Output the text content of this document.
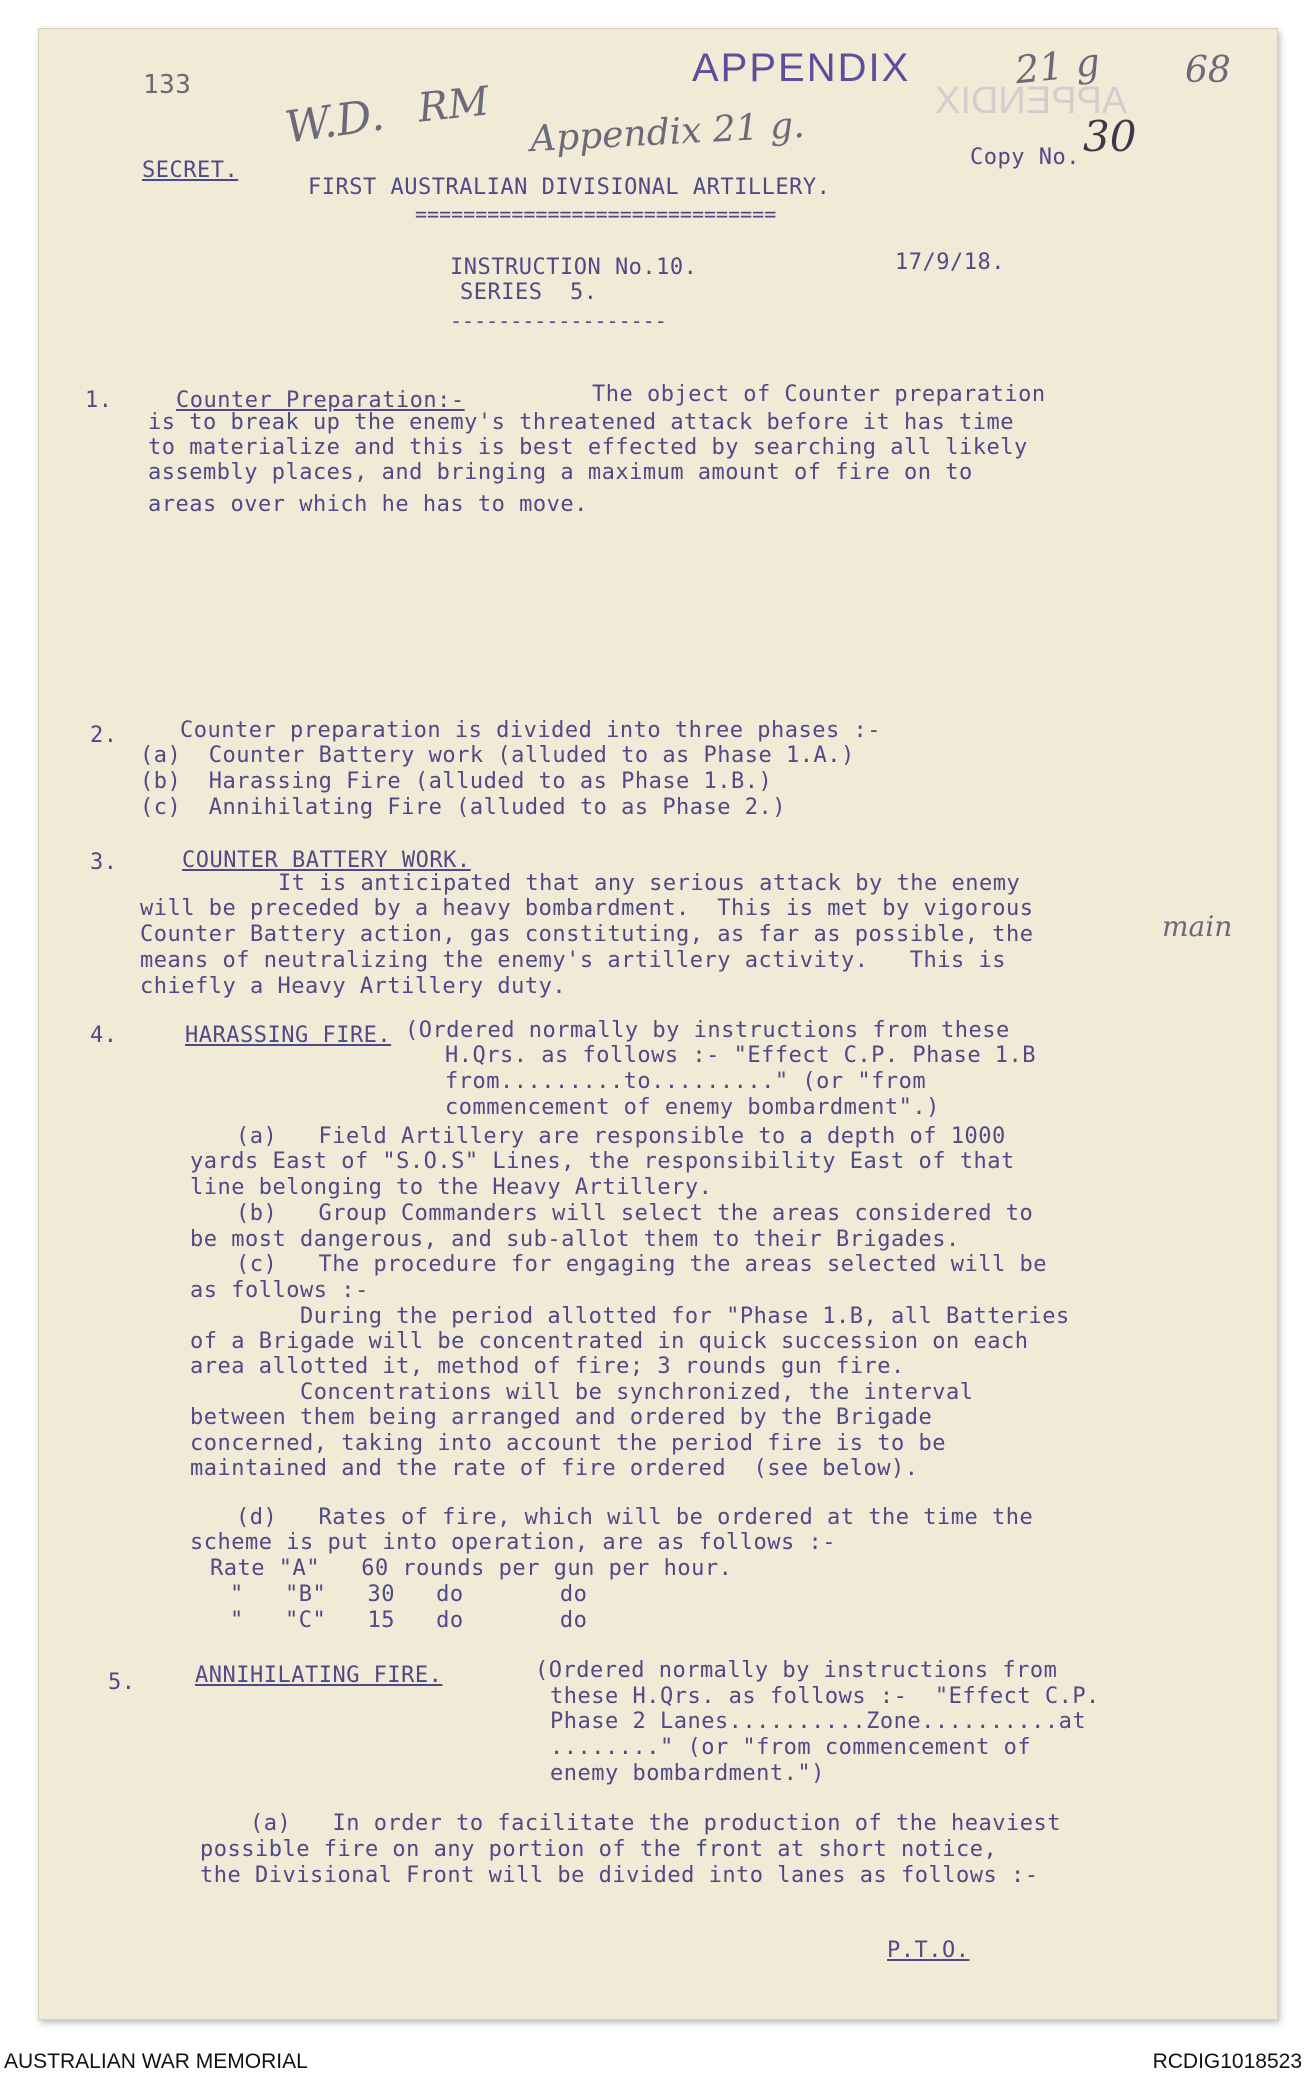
133
W.D. RM	APPENDIX
APPENDIX	21 g 68
Appendix 21 g.
main
SECRET.
FIRST AUSTRALIAN DIVISIONAL ARTILLERY.
==============================
Copy No. 30
INSTRUCTION No.10.
SERIES  5.
17/9/18.
------------------
1.	Counter Preparation:-	The object of Counter preparation
is to break up the enemy's threatened attack before it has time
to materialize and this is best effected by searching all likely
assembly places, and bringing a maximum amount of fire on to
areas over which he has to move.
2.	Counter preparation is divided into three phases :-
(a)  Counter Battery work (alluded to as Phase 1.A.)
(b)  Harassing Fire (alluded to as Phase 1.B.)
(c)  Annihilating Fire (alluded to as Phase 2.)
3.	COUNTER BATTERY WORK.
It is anticipated that any serious attack by the enemy
will be preceded by a heavy bombardment.  This is met by vigorous
Counter Battery action, gas constituting, as far as possible, the
means of neutralizing the enemy's artillery activity.   This is
chiefly a Heavy Artillery duty.
4.	HARASSING FIRE. (Ordered normally by instructions from these
H.Qrs. as follows :- "Effect C.P. Phase 1.B
from.........to........." (or "from
commencement of enemy bombardment".)
(a)   Field Artillery are responsible to a depth of 1000
yards East of "S.O.S" Lines, the responsibility East of that
line belonging to the Heavy Artillery.
(b)   Group Commanders will select the areas considered to
be most dangerous, and sub-allot them to their Brigades.
(c)   The procedure for engaging the areas selected will be
as follows :-
During the period allotted for "Phase 1.B, all Batteries
of a Brigade will be concentrated in quick succession on each
area allotted it, method of fire; 3 rounds gun fire.
Concentrations will be synchronized, the interval
between them being arranged and ordered by the Brigade
concerned, taking into account the period fire is to be
maintained and the rate of fire ordered  (see below).
(d)   Rates of fire, which will be ordered at the time the
scheme is put into operation, are as follows :-
Rate "A"   60 rounds per gun per hour.
"   "B"   30   do       do
"   "C"   15   do       do
5.	ANNIHILATING FIRE.	(Ordered normally by instructions from
these H.Qrs. as follows :-  "Effect C.P.
Phase 2 Lanes..........Zone..........at
........" (or "from commencement of
enemy bombardment.")
(a)   In order to facilitate the production of the heaviest
possible fire on any portion of the front at short notice,
the Divisional Front will be divided into lanes as follows :-
P.T.O.
AUSTRALIAN WAR MEMORIAL	RCDIG1018523
